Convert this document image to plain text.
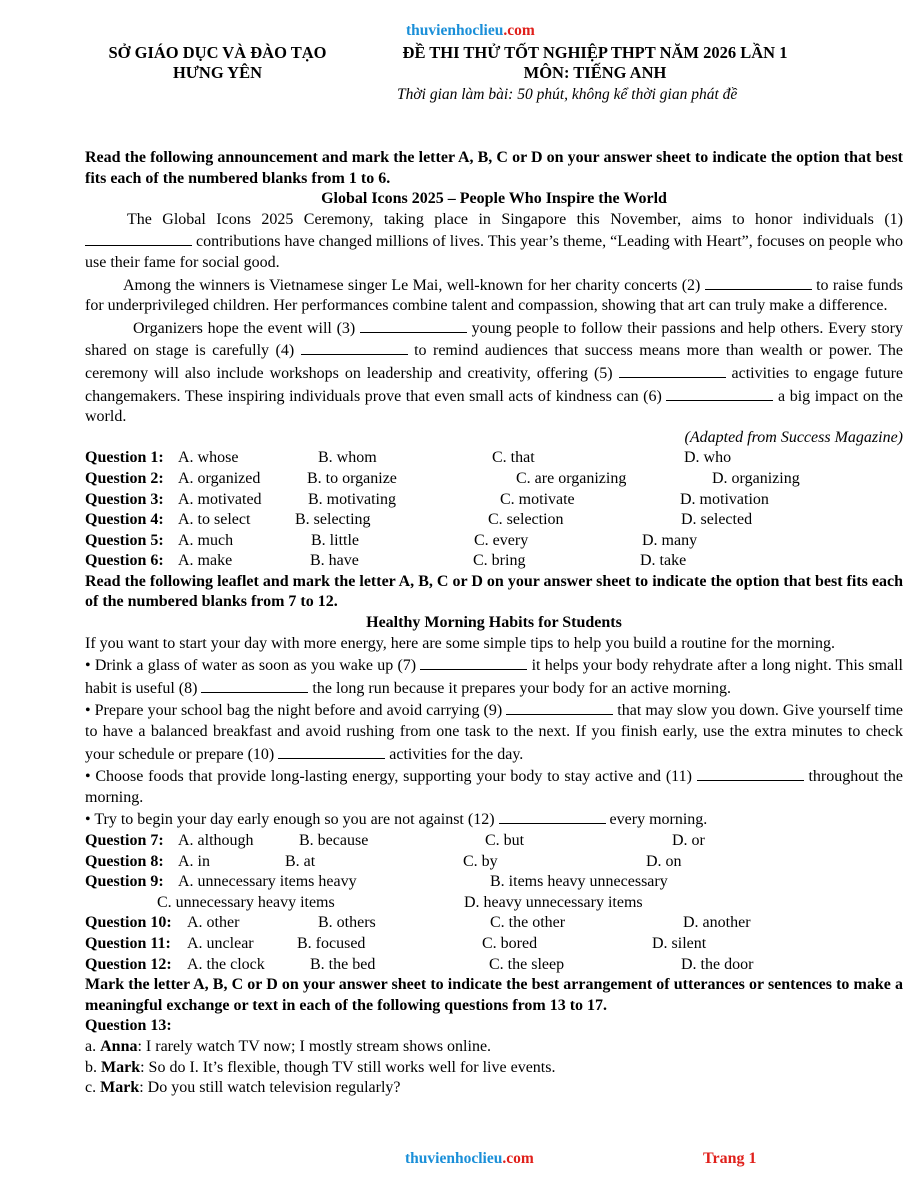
thuvienhoclieu.com
SỞ GIÁO DỤC VÀ ĐÀO TẠO
HƯNG YÊN
ĐỀ THI THỬ TỐT NGHIỆP THPT NĂM 2026 LẦN 1
MÔN: TIẾNG ANH
Thời gian làm bài: 50 phút, không kể thời gian phát đề

Read the following announcement and mark the letter A, B, C or D on your answer sheet to indicate the option that best fits each of the numbered blanks from 1 to 6.

Global Icons 2025 – People Who Inspire the World

The Global Icons 2025 Ceremony, taking place in Singapore this November, aims to honor individuals (1)  contributions have changed millions of lives. This year’s theme, “Leading with Heart”, focuses on people who use their fame for social good.

Among the winners is Vietnamese singer Le Mai, well-known for her charity concerts (2)	to raise funds for underprivileged children. Her performances combine talent and compassion, showing that art can truly make a difference.

Organizers hope the event will (3)	young people to follow their passions and help others. Every story shared on stage is carefully (4)	to remind audiences that success means more than wealth or power. The ceremony will also include workshops on leadership and creativity, offering (5)	activities to engage future changemakers. These inspiring individuals prove that even small acts of kindness can (6)	a big impact on the world.

(Adapted from Success Magazine)

Question 1: A. whose	B. whom	C. that	D. who
Question 2: A. organized	B. to organize	C. are organizing	D. organizing
Question 3: A. motivated	B. motivating	C. motivate	D. motivation
Question 4: A. to select	B. selecting	C. selection	D. selected
Question 5: A. much	B. little	C. every	D. many
Question 6: A. make	B. have	C. bring	D. take

Read the following leaflet and mark the letter A, B, C or D on your answer sheet to indicate the option that best fits each of the numbered blanks from 7 to 12.

Healthy Morning Habits for Students

If you want to start your day with more energy, here are some simple tips to help you build a routine for the morning.

• Drink a glass of water as soon as you wake up (7)	it helps your body rehydrate after a long night. This small habit is useful (8)	the long run because it prepares your body for an active morning.

• Prepare your school bag the night before and avoid carrying (9)	that may slow you down. Give yourself time to have a balanced breakfast and avoid rushing from one task to the next. If you finish early, use the extra minutes to check your schedule or prepare (10)	activities for the day.

• Choose foods that provide long-lasting energy, supporting your body to stay active and (11)	throughout the morning.

• Try to begin your day early enough so you are not against (12)	every morning.

Question 7: A. although	B. because	C. but	D. or
Question 8: A. in	B. at	C. by	D. on
Question 9: A. unnecessary items heavy	B. items heavy unnecessary
C. unnecessary heavy items	D. heavy unnecessary items
Question 10: A. other	B. others	C. the other	D. another
Question 11: A. unclear	B. focused	C. bored	D. silent
Question 12: A. the clock	B. the bed	C. the sleep	D. the door

Mark the letter A, B, C or D on your answer sheet to indicate the best arrangement of utterances or sentences to make a meaningful exchange or text in each of the following questions from 13 to 17.

Question 13:

a. Anna: I rarely watch TV now; I mostly stream shows online.

b. Mark: So do I. It’s flexible, though TV still works well for live events.

c. Mark: Do you still watch television regularly?

thuvienhoclieu.com	Trang 1
